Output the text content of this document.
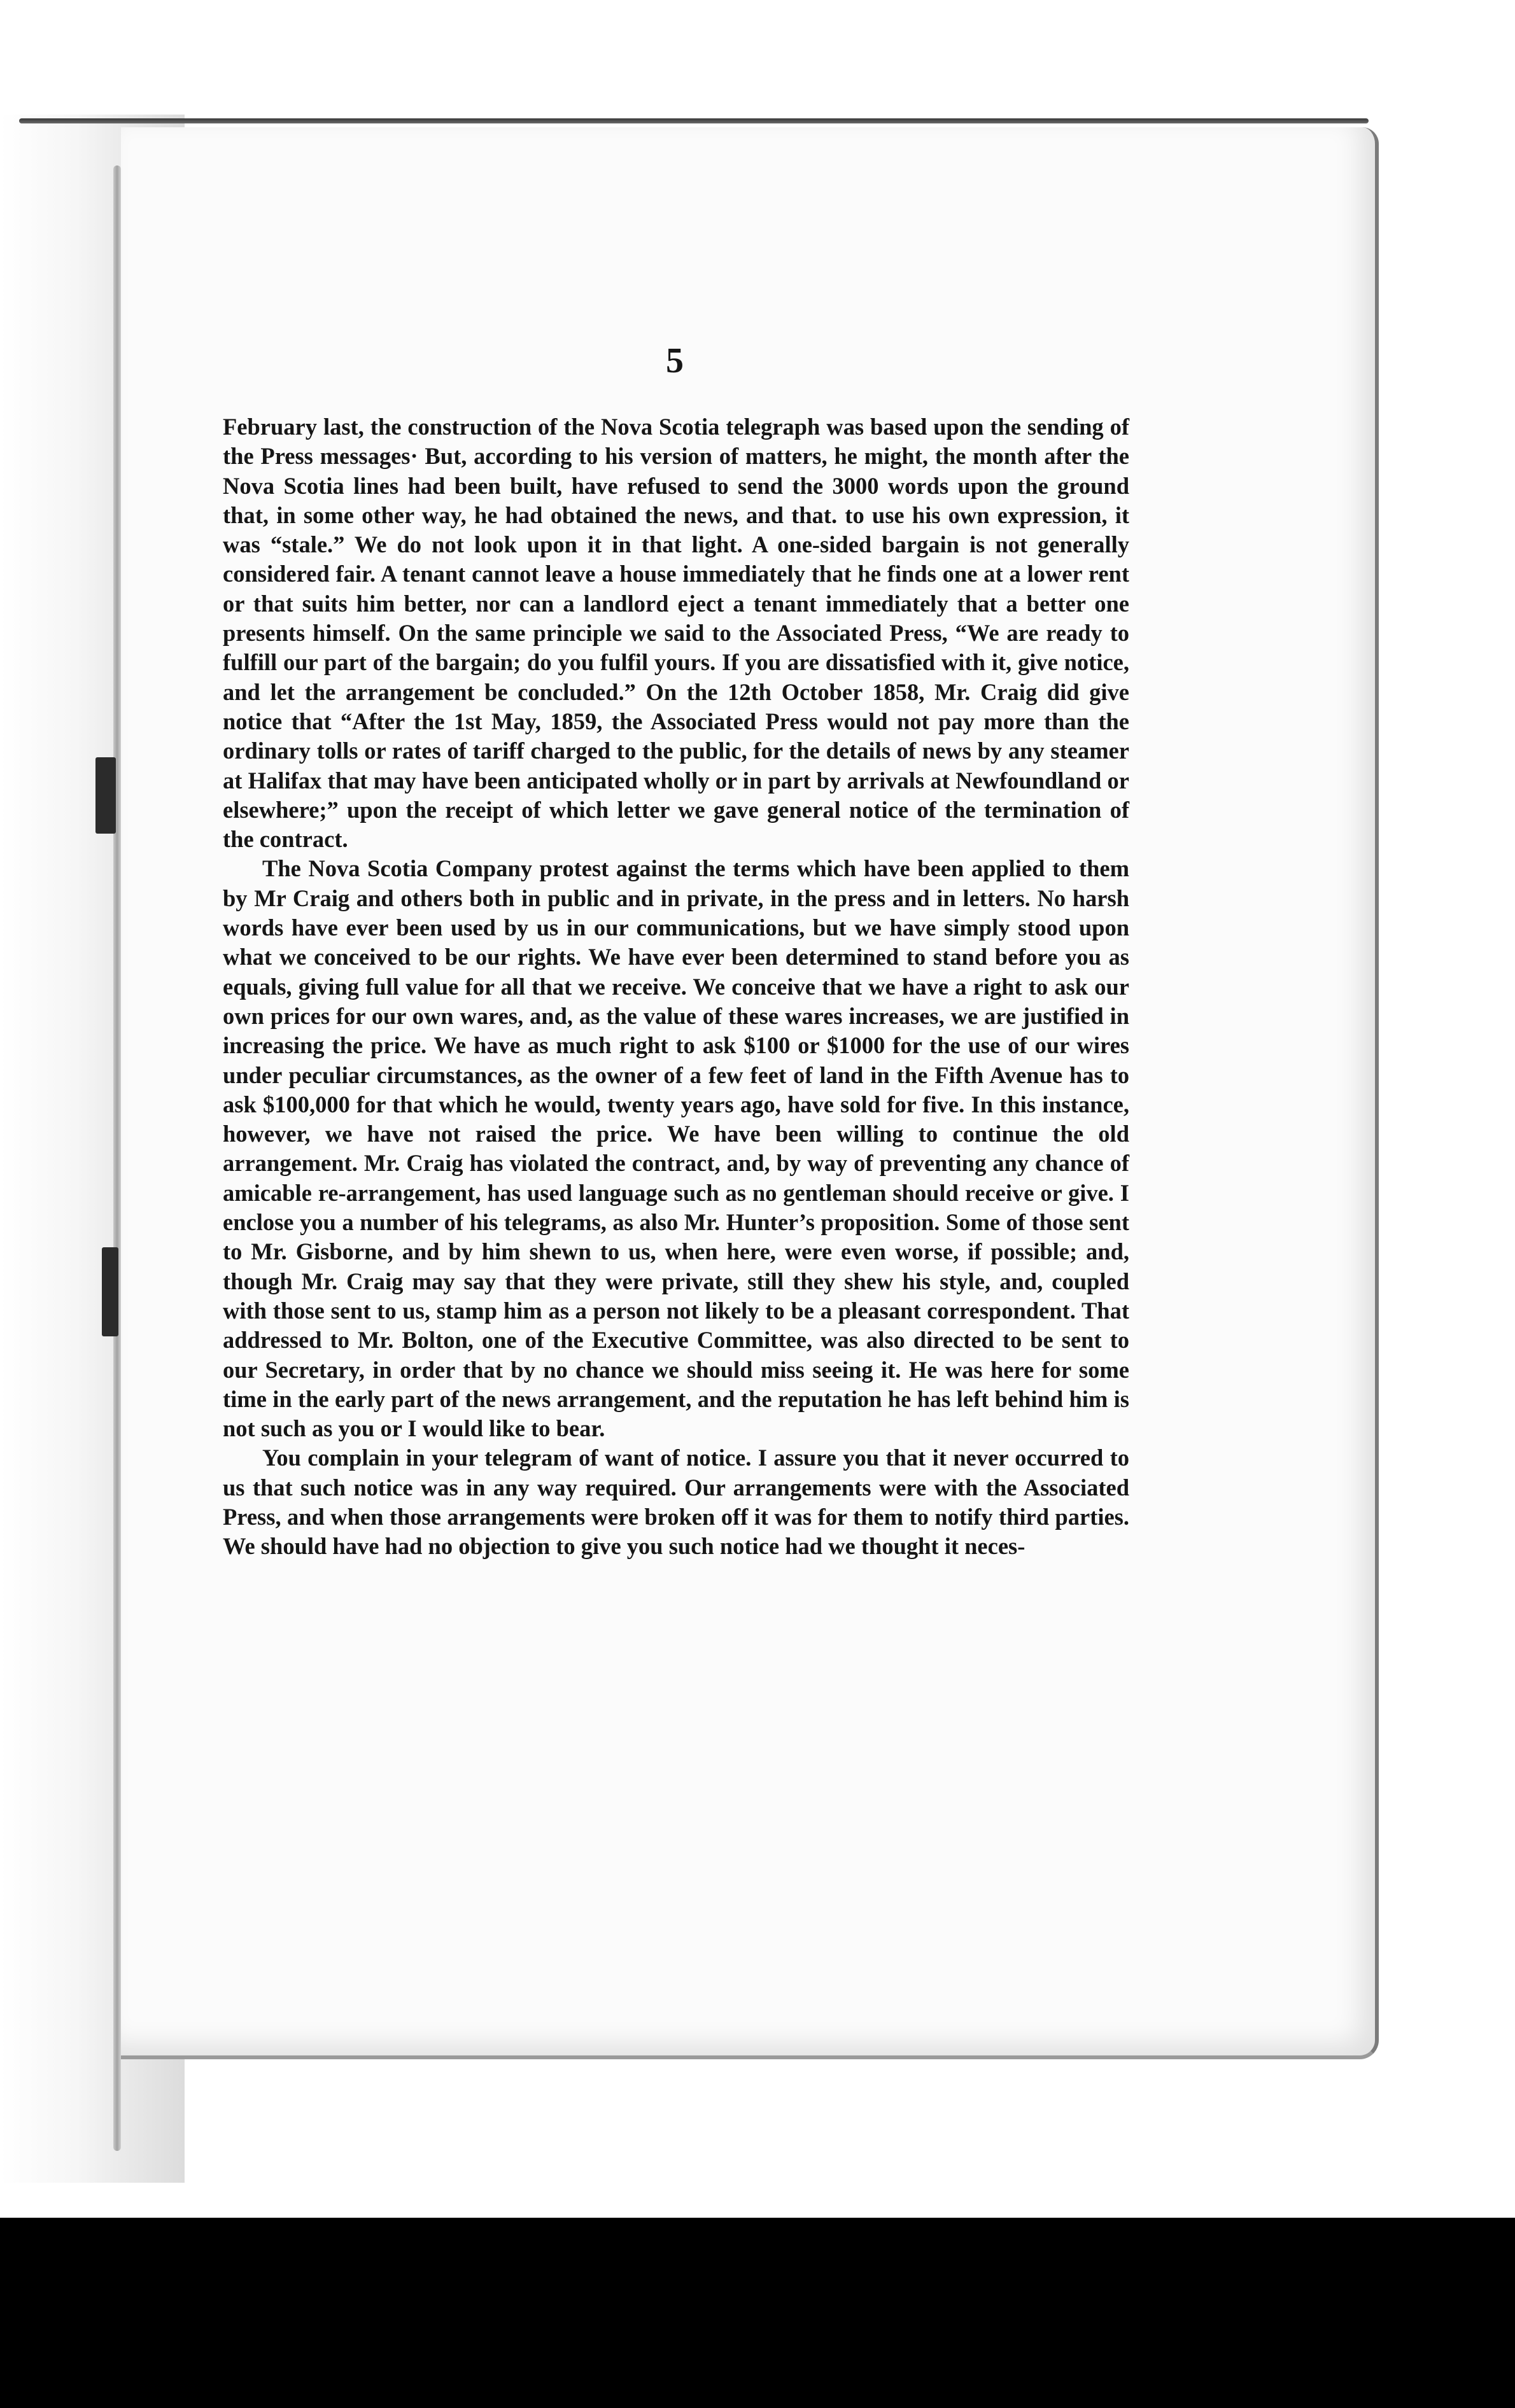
5

February last, the construction of the Nova Scotia telegraph was based upon the sending of the Press messages· But, according to his version of matters, he might, the month after the Nova Scotia lines had been built, have refused to send the 3000 words upon the ground that, in some other way, he had obtained the news, and that. to use his own expression, it was “stale.” We do not look upon it in that light. A one-sided bargain is not generally considered fair. A tenant cannot leave a house immediately that he finds one at a lower rent or that suits him better, nor can a landlord eject a tenant immediately that a better one presents himself. On the same principle we said to the Associated Press, “We are ready to fulfill our part of the bargain; do you fulfil yours. If you are dissatisfied with it, give notice, and let the arrangement be concluded.” On the 12th October 1858, Mr. Craig did give notice that “After the 1st May, 1859, the Associated Press would not pay more than the ordinary tolls or rates of tariff charged to the public, for the details of news by any steamer at Halifax that may have been anticipated wholly or in part by arrivals at Newfoundland or elsewhere;” upon the receipt of which letter we gave general notice of the termination of the contract.

The Nova Scotia Company protest against the terms which have been applied to them by Mr Craig and others both in public and in private, in the press and in letters. No harsh words have ever been used by us in our communications, but we have simply stood upon what we conceived to be our rights. We have ever been determined to stand before you as equals, giving full value for all that we receive. We conceive that we have a right to ask our own prices for our own wares, and, as the value of these wares increases, we are justified in increasing the price. We have as much right to ask $100 or $1000 for the use of our wires under peculiar circumstances, as the owner of a few feet of land in the Fifth Avenue has to ask $100,000 for that which he would, twenty years ago, have sold for five. In this instance, however, we have not raised the price. We have been willing to continue the old arrangement. Mr. Craig has violated the contract, and, by way of preventing any chance of amicable re-arrangement, has used language such as no gentleman should receive or give. I enclose you a number of his telegrams, as also Mr. Hunter’s proposition. Some of those sent to Mr. Gisborne, and by him shewn to us, when here, were even worse, if possible; and, though Mr. Craig may say that they were private, still they shew his style, and, coupled with those sent to us, stamp him as a person not likely to be a pleasant correspondent. That addressed to Mr. Bolton, one of the Executive Committee, was also directed to be sent to our Secretary, in order that by no chance we should miss seeing it. He was here for some time in the early part of the news arrangement, and the reputation he has left behind him is not such as you or I would like to bear.

You complain in your telegram of want of notice. I assure you that it never occurred to us that such notice was in any way required. Our arrangements were with the Associated Press, and when those arrangements were broken off it was for them to notify third parties. We should have had no objection to give you such notice had we thought it neces-
